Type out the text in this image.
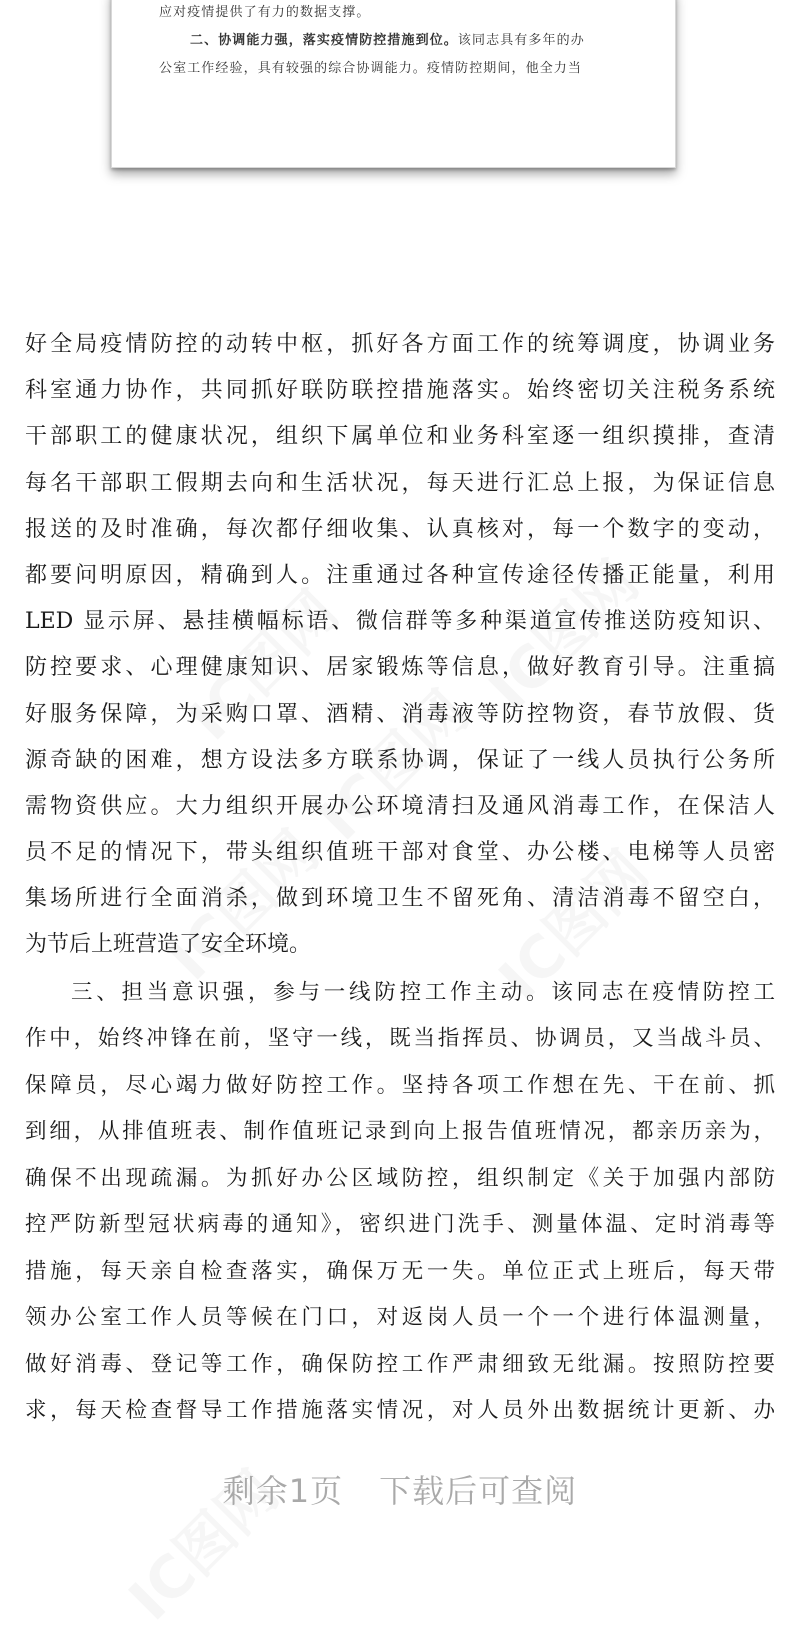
应对疫情提供了有力的数据支撑。
二、协调能力强，落实疫情防控措施到位。该同志具有多年的办
公室工作经验，具有较强的综合协调能力。疫情防控期间，他全力当
好全局疫情防控的动转中枢，抓好各方面工作的统筹调度，协调业务
科室通力协作，共同抓好联防联控措施落实。始终密切关注税务系统
干部职工的健康状况，组织下属单位和业务科室逐一组织摸排，查清
每名干部职工假期去向和生活状况，每天进行汇总上报，为保证信息
报送的及时准确，每次都仔细收集、认真核对，每一个数字的变动，
都要问明原因，精确到人。注重通过各种宣传途径传播正能量，利用
LED 显示屏、悬挂横幅标语、微信群等多种渠道宣传推送防疫知识、
防控要求、心理健康知识、居家锻炼等信息，做好教育引导。注重搞
好服务保障，为采购口罩、酒精、消毒液等防控物资，春节放假、货
源奇缺的困难，想方设法多方联系协调，保证了一线人员执行公务所
需物资供应。大力组织开展办公环境清扫及通风消毒工作，在保洁人
员不足的情况下，带头组织值班干部对食堂、办公楼、电梯等人员密
集场所进行全面消杀，做到环境卫生不留死角、清洁消毒不留空白，
为节后上班营造了安全环境。
三、担当意识强，参与一线防控工作主动。该同志在疫情防控工
作中，始终冲锋在前，坚守一线，既当指挥员、协调员，又当战斗员、
保障员，尽心竭力做好防控工作。坚持各项工作想在先、干在前、抓
到细，从排值班表、制作值班记录到向上报告值班情况，都亲历亲为，
确保不出现疏漏。为抓好办公区域防控，组织制定《关于加强内部防
控严防新型冠状病毒的通知》，密织进门洗手、测量体温、定时消毒等
措施，每天亲自检查落实，确保万无一失。单位正式上班后，每天带
领办公室工作人员等候在门口，对返岗人员一个一个进行体温测量，
做好消毒、登记等工作，确保防控工作严肃细致无纰漏。按照防控要
求，每天检查督导工作措施落实情况，对人员外出数据统计更新、办
剩余1页 下载后可查阅
